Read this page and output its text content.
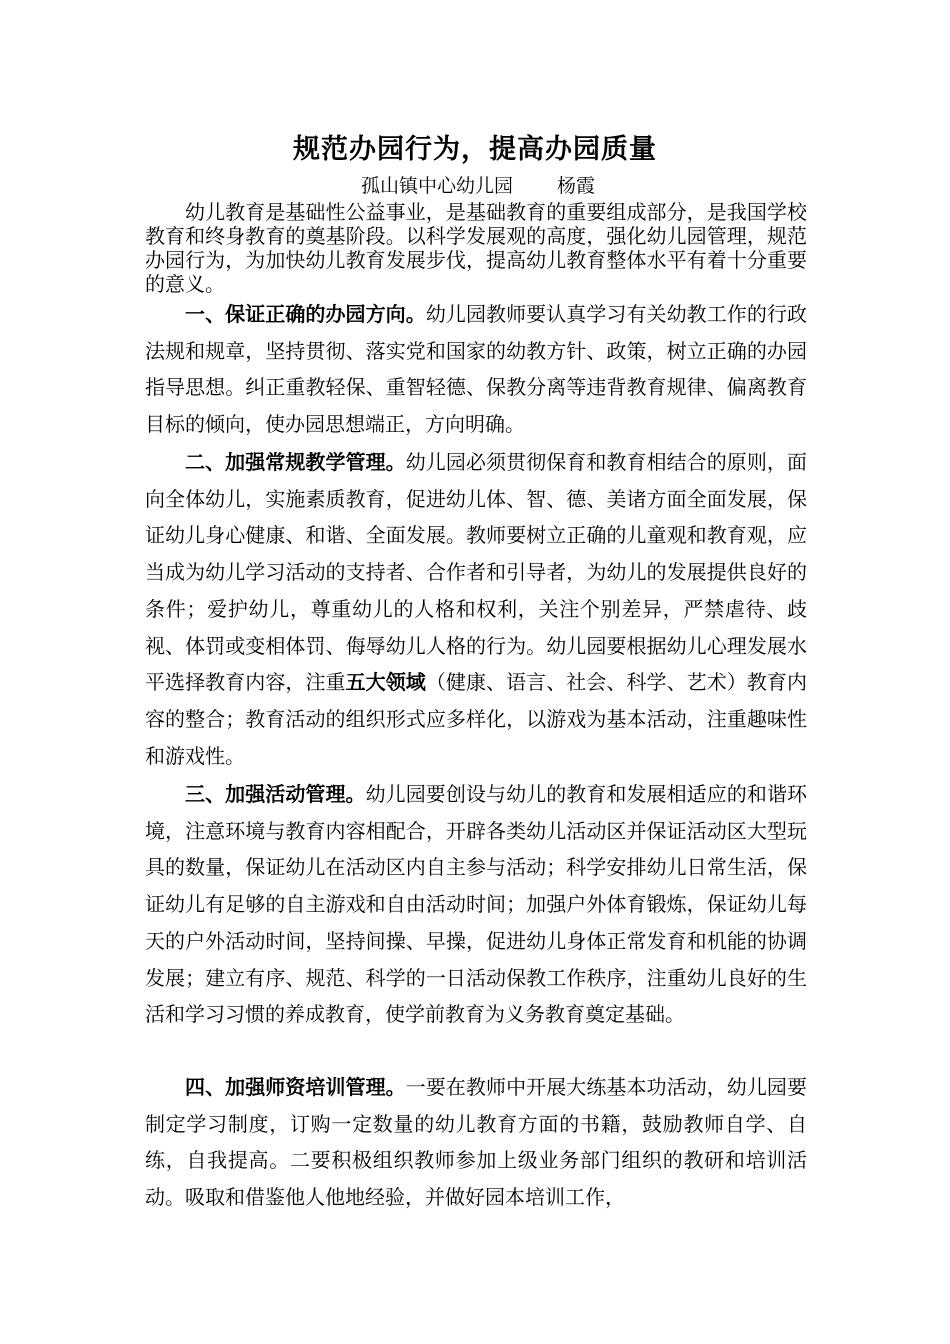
规范办园行为，提高办园质量
孤山镇中心幼儿园 杨霞

幼儿教育是基础性公益事业，是基础教育的重要组成部分，是我国学校教育和终身教育的奠基阶段。以科学发展观的高度，强化幼儿园管理，规范办园行为，为加快幼儿教育发展步伐，提高幼儿教育整体水平有着十分重要的意义。

一、保证正确的办园方向。幼儿园教师要认真学习有关幼教工作的行政法规和规章，坚持贯彻、落实党和国家的幼教方针、政策，树立正确的办园指导思想。纠正重教轻保、重智轻德、保教分离等违背教育规律、偏离教育目标的倾向，使办园思想端正，方向明确。

二、加强常规教学管理。幼儿园必须贯彻保育和教育相结合的原则，面向全体幼儿，实施素质教育，促进幼儿体、智、德、美诸方面全面发展，保证幼儿身心健康、和谐、全面发展。教师要树立正确的儿童观和教育观，应当成为幼儿学习活动的支持者、合作者和引导者，为幼儿的发展提供良好的条件；爱护幼儿，尊重幼儿的人格和权利，关注个别差异，严禁虐待、歧视、体罚或变相体罚、侮辱幼儿人格的行为。幼儿园要根据幼儿心理发展水平选择教育内容，注重五大领域（健康、语言、社会、科学、艺术）教育内容的整合；教育活动的组织形式应多样化，以游戏为基本活动，注重趣味性和游戏性。

三、加强活动管理。幼儿园要创设与幼儿的教育和发展相适应的和谐环境，注意环境与教育内容相配合，开辟各类幼儿活动区并保证活动区大型玩具的数量，保证幼儿在活动区内自主参与活动；科学安排幼儿日常生活，保证幼儿有足够的自主游戏和自由活动时间；加强户外体育锻炼，保证幼儿每天的户外活动时间，坚持间操、早操，促进幼儿身体正常发育和机能的协调发展；建立有序、规范、科学的一日活动保教工作秩序，注重幼儿良好的生活和学习习惯的养成教育，使学前教育为义务教育奠定基础。

四、加强师资培训管理。一要在教师中开展大练基本功活动，幼儿园要制定学习制度，订购一定数量的幼儿教育方面的书籍，鼓励教师自学、自练，自我提高。二要积极组织教师参加上级业务部门组织的教研和培训活动。吸取和借鉴他人他地经验，并做好园本培训工作，
